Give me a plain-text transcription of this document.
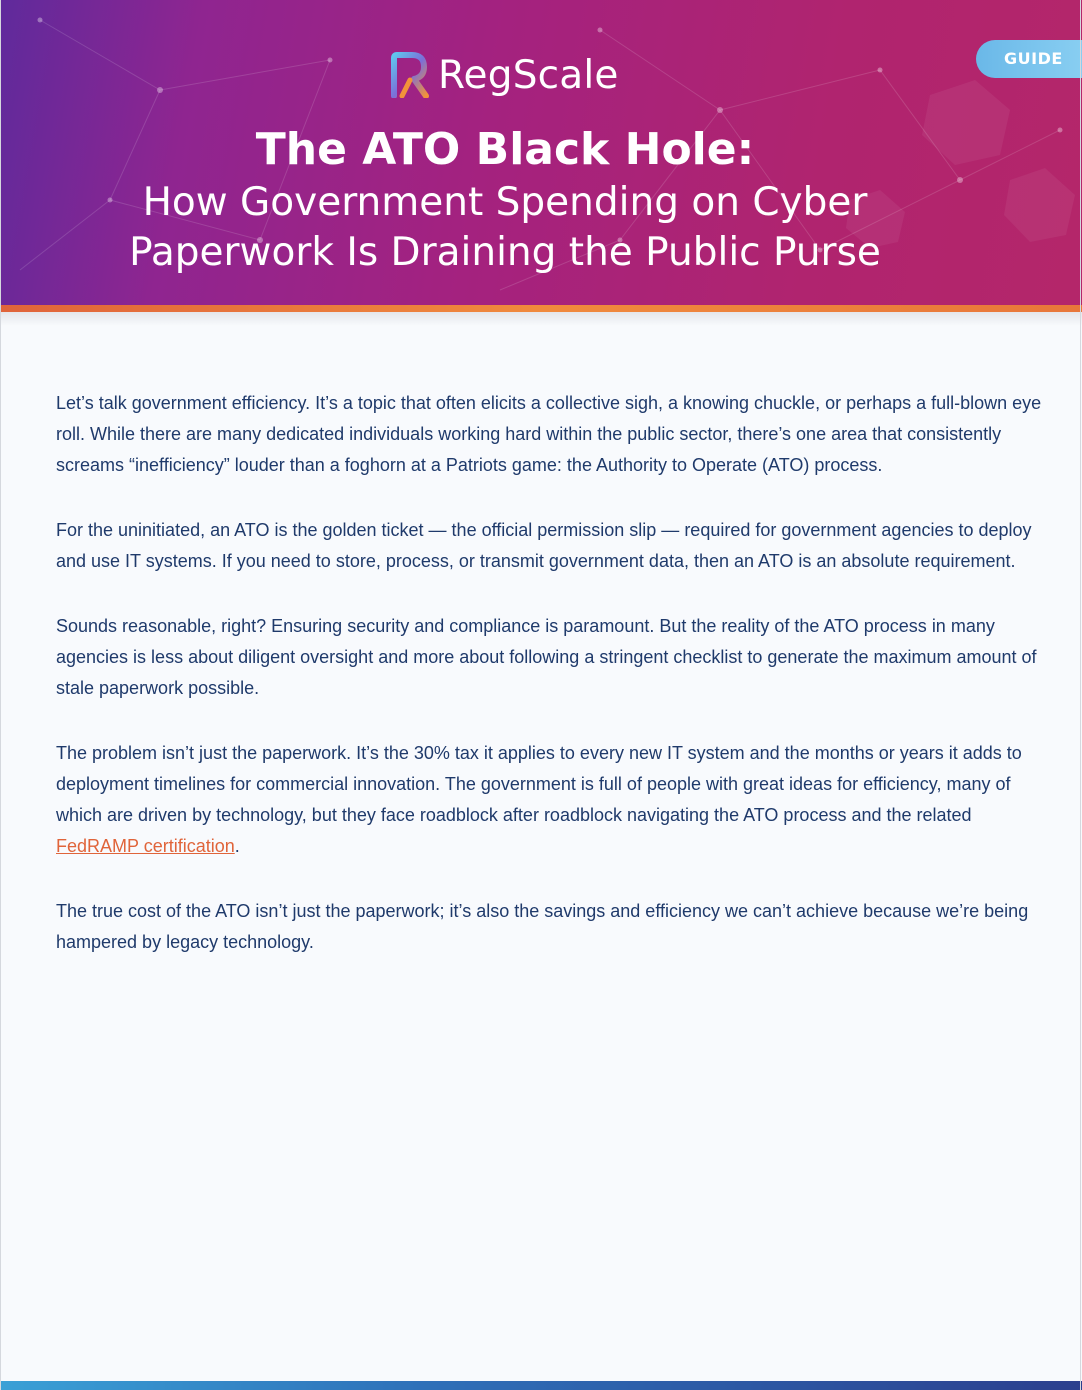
RegScale	GUIDE
The ATO Black Hole:
How Government Spending on Cyber
Paperwork Is Draining the Public Purse

Let’s talk government efficiency. It’s a topic that often elicits a collective sigh, a knowing chuckle, or perhaps a full-blown eye roll. While there are many dedicated individuals working hard within the public sector, there’s one area that consistently screams “inefficiency” louder than a foghorn at a Patriots game: the Authority to Operate (ATO) process.

For the uninitiated, an ATO is the golden ticket — the official permission slip — required for government agencies to deploy and use IT systems. If you need to store, process, or transmit government data, then an ATO is an absolute requirement.

Sounds reasonable, right? Ensuring security and compliance is paramount. But the reality of the ATO process in many agencies is less about diligent oversight and more about following a stringent checklist to generate the maximum amount of stale paperwork possible.

The problem isn’t just the paperwork. It’s the 30% tax it applies to every new IT system and the months or years it adds to deployment timelines for commercial innovation. The government is full of people with great ideas for efficiency, many of which are driven by technology, but they face roadblock after roadblock navigating the ATO process and the related FedRAMP certification.

The true cost of the ATO isn’t just the paperwork; it’s also the savings and efficiency we can’t achieve because we’re being hampered by legacy technology.
